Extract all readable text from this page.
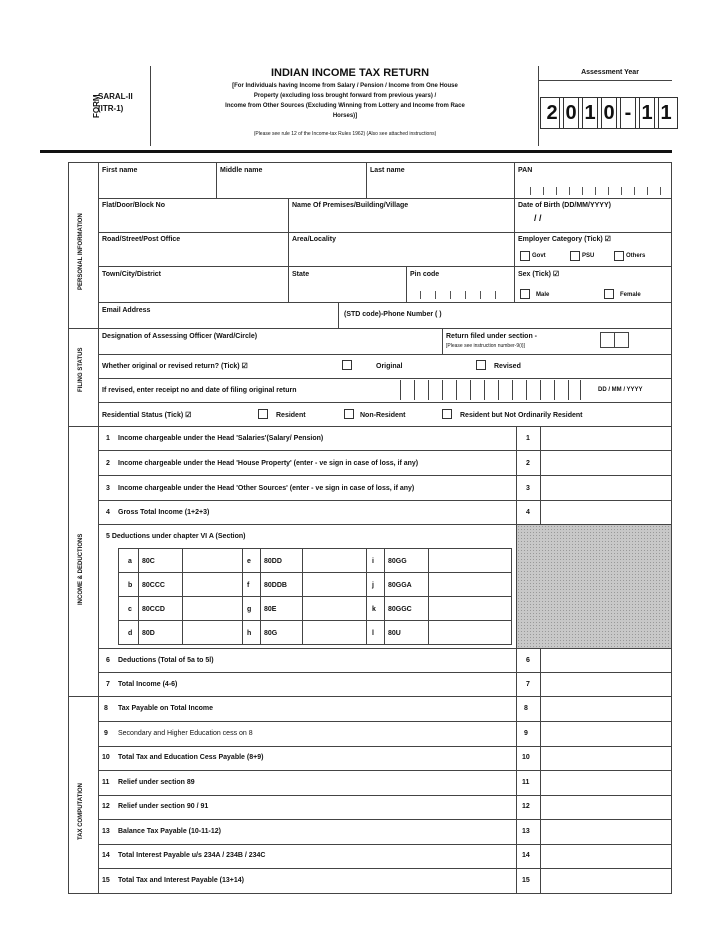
FORM
SARAL-II
(ITR-1)
INDIAN INCOME TAX RETURN
[For Individuals having Income from Salary / Pension / Income from One House
Property (excluding loss brought forward from previous years) /
Income from Other Sources (Excluding Winning from Lottery and Income from Race
Horses)]
(Please see rule 12 of the Income-tax Rules 1962) (Also see attached instructions)
Assessment Year
2 0 1 0 - 1 1
PERSONAL INFORMATION
FILING STATUS
INCOME & DEDUCTIONS
TAX COMPUTATION
First name	Middle name	Last name	PAN
Flat/Door/Block No	Name Of Premises/Building/Village	Date of Birth (DD/MM/YYYY)
/ /
Road/Street/Post Office	Area/Locality	Employer Category (Tick) ☑
Govt	PSU	Others
Town/City/District	State	Pin code	Sex (Tick) ☑
Male	Female
Email Address
(STD code)-Phone Number ( )
Designation of Assessing Officer (Ward/Circle)	Return filed under section -
[Please see instruction number-9(i)]
Whether original or revised return? (Tick) ☑	Original	Revised
If revised, enter receipt no and date of filing original return	DD / MM / YYYY
Residential Status (Tick) ☑	Resident	Non-Resident	Resident but Not Ordinarily Resident
1 Income chargeable under the Head 'Salaries'(Salary/ Pension)	1
2 Income chargeable under the Head 'House Property' (enter - ve sign in case of loss, if any)	2
3 Income chargeable under the Head 'Other Sources' (enter - ve sign in case of loss, if any)	3
4 Gross Total Income (1+2+3)	4
5 Deductions under chapter VI A (Section)
a 80C	e 80DD	i 80GG
b 80CCC	f 80DDB	j 80GGA
c 80CCD	g 80E	k 80GGC
d 80D	h 80G	l 80U
6 Deductions (Total of 5a to 5l)	6
7 Total Income (4-6)	7
8 Tax Payable on Total Income	8
9 Secondary and Higher Education cess on 8	9
10 Total Tax and Education Cess Payable (8+9)	10
11 Relief under section 89	11
12 Relief under section 90 / 91	12
13 Balance Tax Payable (10-11-12)	13
14 Total Interest Payable u/s 234A / 234B / 234C	14
15 Total Tax and Interest Payable (13+14)	15
